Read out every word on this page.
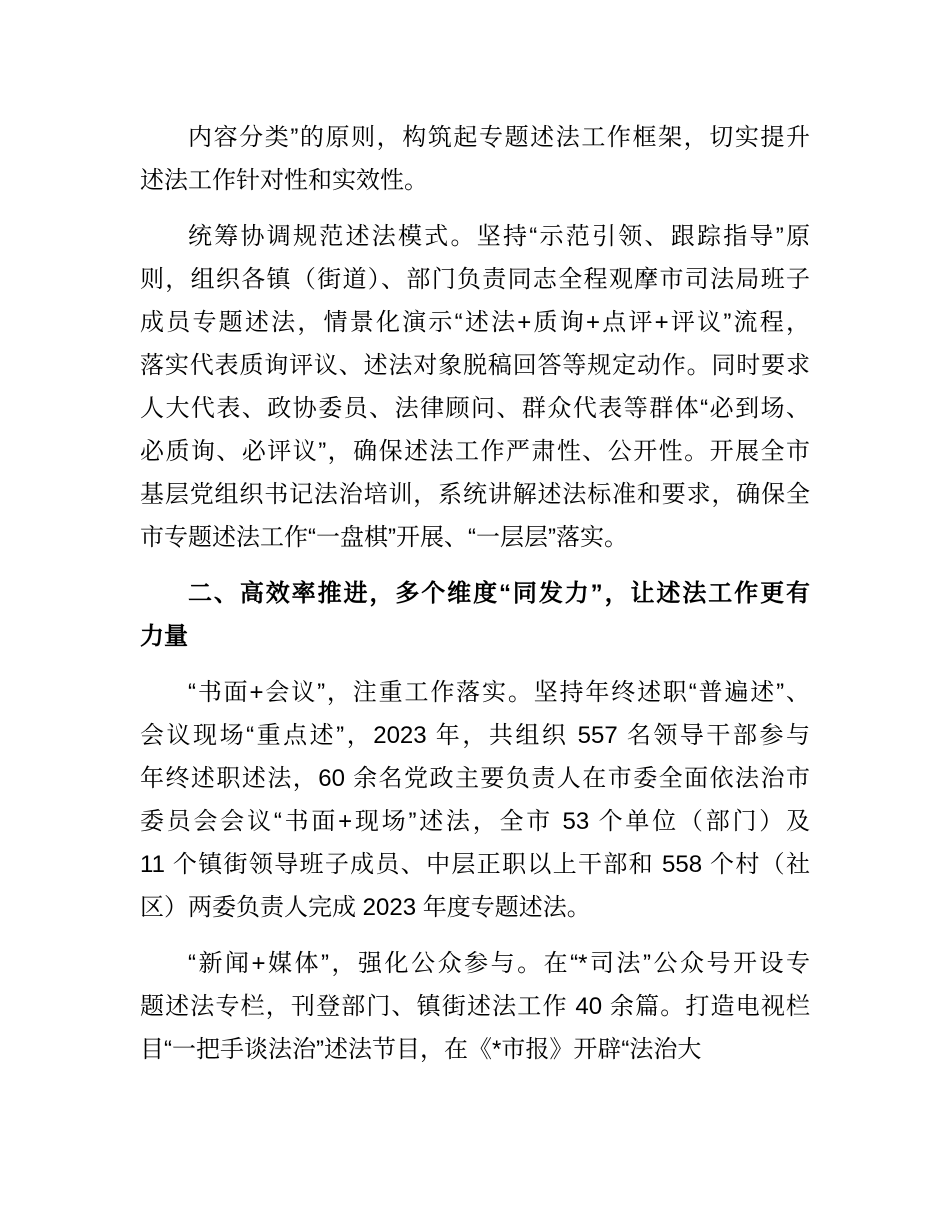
内容分类”的原则，构筑起专题述法工作框架，切实提升
述法工作针对性和实效性。
统筹协调规范述法模式。坚持“示范引领、跟踪指导”原
则，组织各镇（街道）、部门负责同志全程观摩市司法局班子
成员专题述法，情景化演示“述法+质询+点评+评议”流程，
落实代表质询评议、述法对象脱稿回答等规定动作。同时要求
人大代表、政协委员、法律顾问、群众代表等群体“必到场、
必质询、必评议”，确保述法工作严肃性、公开性。开展全市
基层党组织书记法治培训，系统讲解述法标准和要求，确保全
市专题述法工作“一盘棋”开展、“一层层”落实。
二、高效率推进，多个维度“同发力”，让述法工作更有
力量
“书面+会议”，注重工作落实。坚持年终述职“普遍述”、
会议现场“重点述”，2023 年，共组织 557 名领导干部参与
年终述职述法，60 余名党政主要负责人在市委全面依法治市
委员会会议“书面+现场”述法，全市 53 个单位（部门）及
11 个镇街领导班子成员、中层正职以上干部和 558 个村（社
区）两委负责人完成 2023 年度专题述法。
“新闻+媒体”，强化公众参与。在“*司法”公众号开设专
题述法专栏，刊登部门、镇街述法工作 40 余篇。打造电视栏
目“一把手谈法治”述法节目，在《*市报》开辟“法治大
